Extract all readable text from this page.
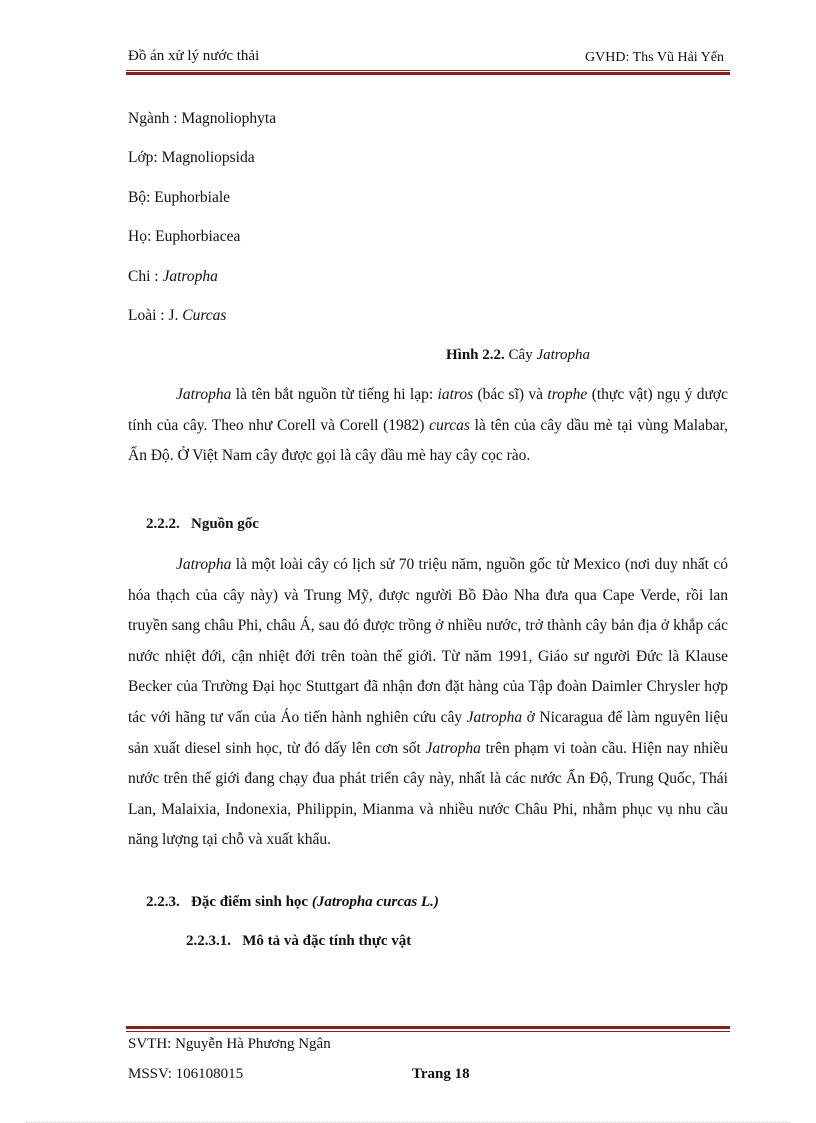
Đồ án xử lý nước thải	GVHD: Ths Vũ Hải Yến
Ngành : Magnoliophyta
Lớp: Magnoliopsida
Bộ: Euphorbiale
Họ: Euphorbiacea
Chi : Jatropha
Loài : J. Curcas
Hình 2.2. Cây Jatropha

Jatropha là tên bắt nguồn từ tiếng hi lạp: iatros (bác sĩ) và trophe (thực vật) ngụ ý dược tính của cây. Theo như Corell và Corell (1982) curcas là tên của cây dầu mè tại vùng Malabar, Ấn Độ. Ở Việt Nam cây được gọi là cây dầu mè hay cây cọc rào.

2.2.2. Nguồn gốc

Jatropha là một loài cây có lịch sử 70 triệu năm, nguồn gốc từ Mexico (nơi duy nhất có hóa thạch của cây này) và Trung Mỹ, được người Bồ Đào Nha đưa qua Cape Verde, rồi lan truyền sang châu Phi, châu Á, sau đó được trồng ở nhiều nước, trở thành cây bản địa ở khắp các nước nhiệt đới, cận nhiệt đới trên toàn thế giới. Từ năm 1991, Giáo sư người Đức là Klause Becker của Trường Đại học Stuttgart đã nhận đơn đặt hàng của Tập đoàn Daimler Chrysler hợp tác với hãng tư vấn của Áo tiến hành nghiên cứu cây Jatropha ở Nicaragua để làm nguyên liệu sản xuất diesel sinh học, từ đó dấy lên cơn sốt Jatropha trên phạm vi toàn cầu. Hiện nay nhiều nước trên thế giới đang chạy đua phát triển cây này, nhất là các nước Ấn Độ, Trung Quốc, Thái Lan, Malaixia, Indonexia, Philippin, Mianma và nhiều nước Châu Phi, nhằm phục vụ nhu cầu năng lượng tại chỗ và xuất khẩu.

2.2.3. Đặc điểm sinh học (Jatropha curcas L.)
2.2.3.1. Mô tả và đặc tính thực vật
SVTH: Nguyễn Hà Phương Ngân
MSSV: 106108015	Trang 18
